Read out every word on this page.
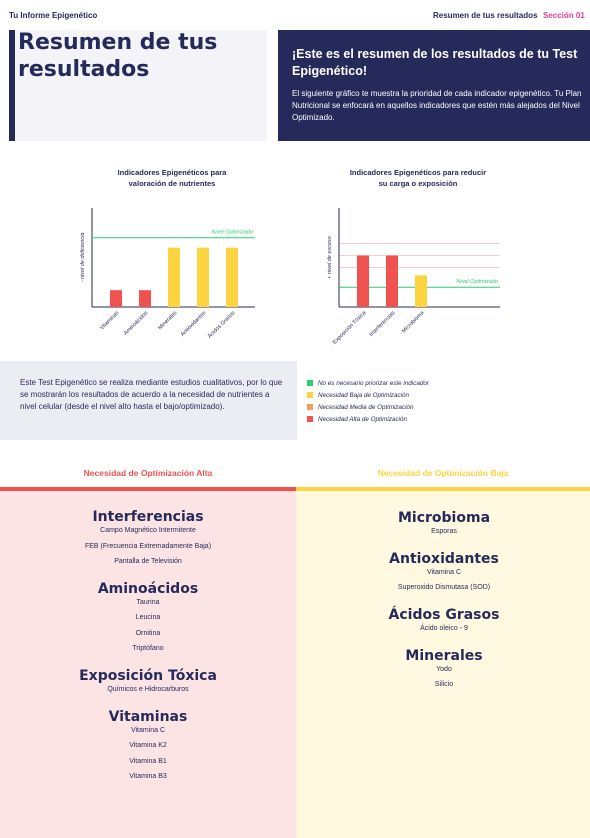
Tu Informe Epigenético	Resumen de tus resultados Sección 01
Resumen de tus
resultados
¡Este es el resumen de los resultados de tu Test Epigenético!
El siguiente gráfico te muestra la prioridad de cada indicador epigenético. Tu Plan Nutricional se enfocará en aquellos indicadores que estén más alejados del Nivel Optimizado.
Indicadores Epigenéticos para valoración de nutrientes
- nivel de deficiencia	Nivel Optimizado
Vitaminas Aminoácidos Minerales Antioxidantes Ácidos Grasos
Indicadores Epigenéticos para reducir su carga o exposición
+ nivel de exceso
Nivel Optimizado
Exposición Tóxica Interferencias Microbioma
Este Test Epigenético se realiza mediante estudios cualitativos, por lo que se mostrarán los resultados de acuerdo a la necesidad de nutrientes a nivel celular (desde el nivel alto hasta el bajo/optimizado).
No es necesario priorizar este indicador
Necesidad Baja de Optimización
Necesidad Media de Optimización
Necesidad Alta de Optimización
Necesidad de Optimización Alta	Necesidad de Optimización Baja
Interferencias
Campo Magnético Intermitente
FEB (Frecuencia Extremadamente Baja)
Pantalla de Televisión
Aminoácidos
Taurina
Leucina
Ornitina
Triptófano
Exposición Tóxica
Químicos e Hidrocarburos
Vitaminas
Vitamina C
Vitamina K2
Vitamina B1
Vitamina B3
Microbioma
Esporas
Antioxidantes
Vitamina C
Superoxido Dismutasa (SOD)
Ácidos Grasos
Ácido oleico - 9
Minerales
Yodo
Silicio
